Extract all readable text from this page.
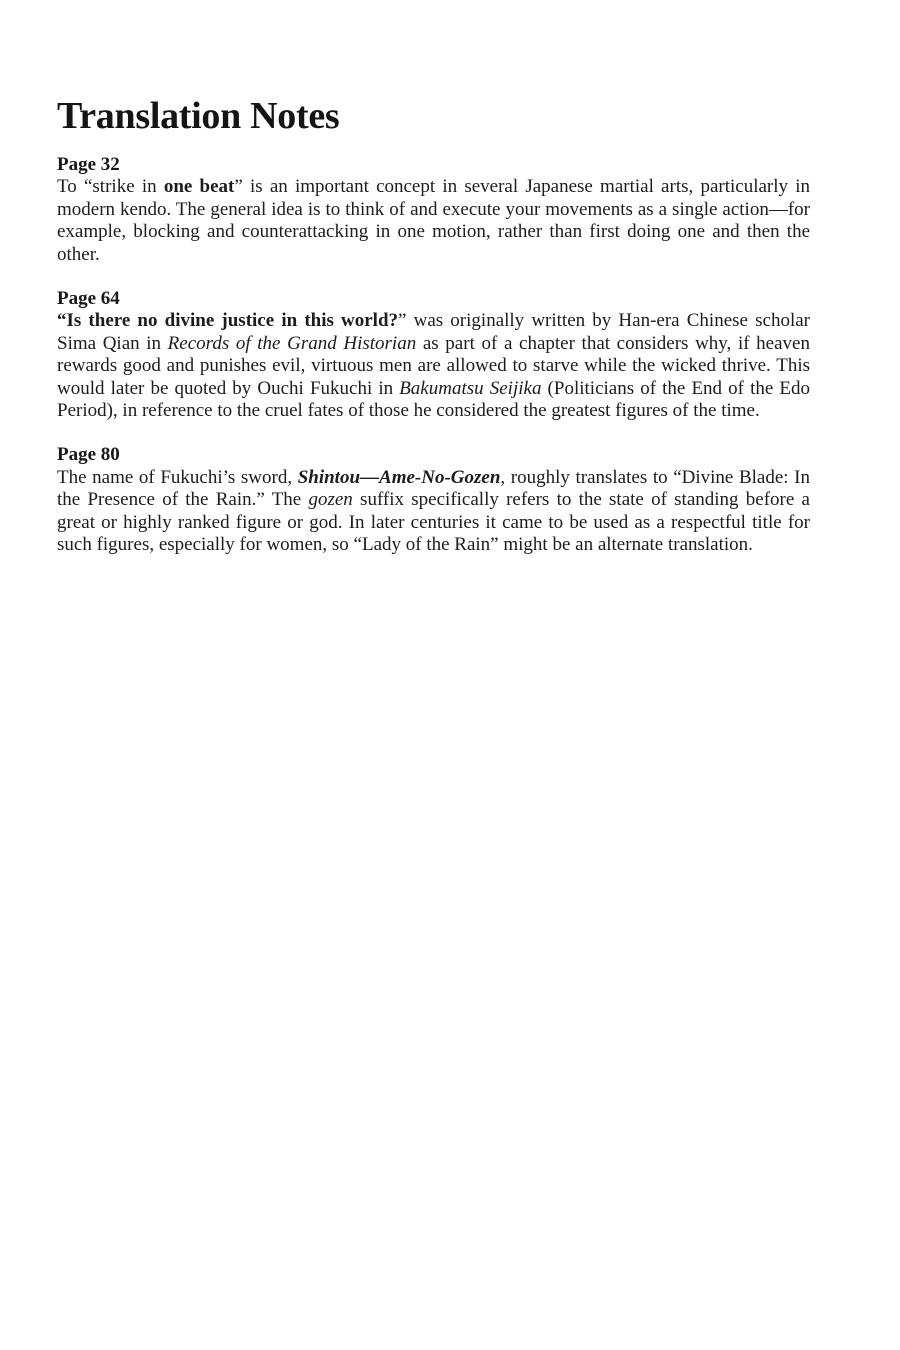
Translation Notes
Page 32

To “strike in one beat” is an important concept in several Japanese martial arts, particularly in modern kendo. The general idea is to think of and execute your movements as a single action—for example, blocking and counterattacking in one motion, rather than first doing one and then the other.

Page 64

“Is there no divine justice in this world?” was originally written by Han-era Chinese scholar Sima Qian in Records of the Grand Historian as part of a chapter that considers why, if heaven rewards good and punishes evil, virtuous men are allowed to starve while the wicked thrive. This would later be quoted by Ouchi Fukuchi in Bakumatsu Seijika (Politicians of the End of the Edo Period), in reference to the cruel fates of those he considered the greatest figures of the time.

Page 80

The name of Fukuchi’s sword, Shintou—Ame-No-Gozen, roughly translates to “Divine Blade: In the Presence of the Rain.” The gozen suffix specifically refers to the state of standing before a great or highly ranked figure or god. In later centuries it came to be used as a respectful title for such figures, especially for women, so “Lady of the Rain” might be an alternate translation.
